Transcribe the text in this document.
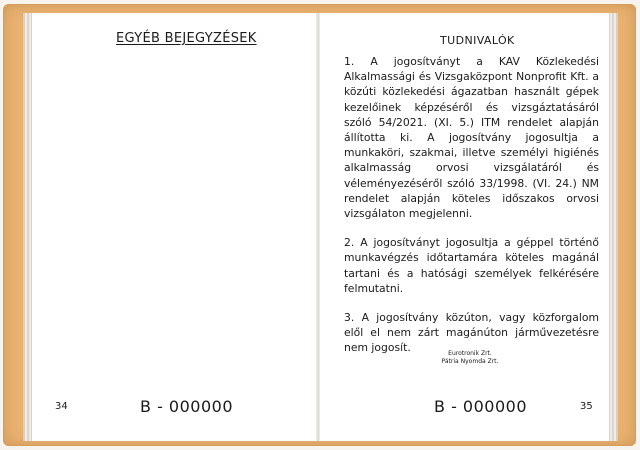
EGYÉB BEJEGYZÉSEK
34	B - 000000
TUDNIVALÓK

1. A jogosítványt a KAV Közlekedési Alkalmassági és Vizsgaközpont Nonprofit Kft. a közúti közlekedési ágazatban használt gépek kezelőinek képzéséről és vizsgáztatásáról szóló 54/2021. (XI. 5.) ITM rendelet alapján állította ki. A jogosítvány jogosultja a munkaköri, szakmai, illetve személyi higiénés alkalmasság orvosi vizsgálatáról és véleményezéséről szóló 33/1998. (VI. 24.) NM rendelet alapján köteles időszakos orvosi vizsgálaton megjelenni.

2. A jogosítványt jogosultja a géppel történő munkavégzés időtartamára köteles magánál tartani és a hatósági személyek felkérésére felmutatni.

3. A jogosítvány közúton, vagy közforgalom elől el nem zárt magánúton járművezetésre nem jogosít.	Eurotronik Zrt.
Pátria Nyomda Zrt.
B - 000000	35
